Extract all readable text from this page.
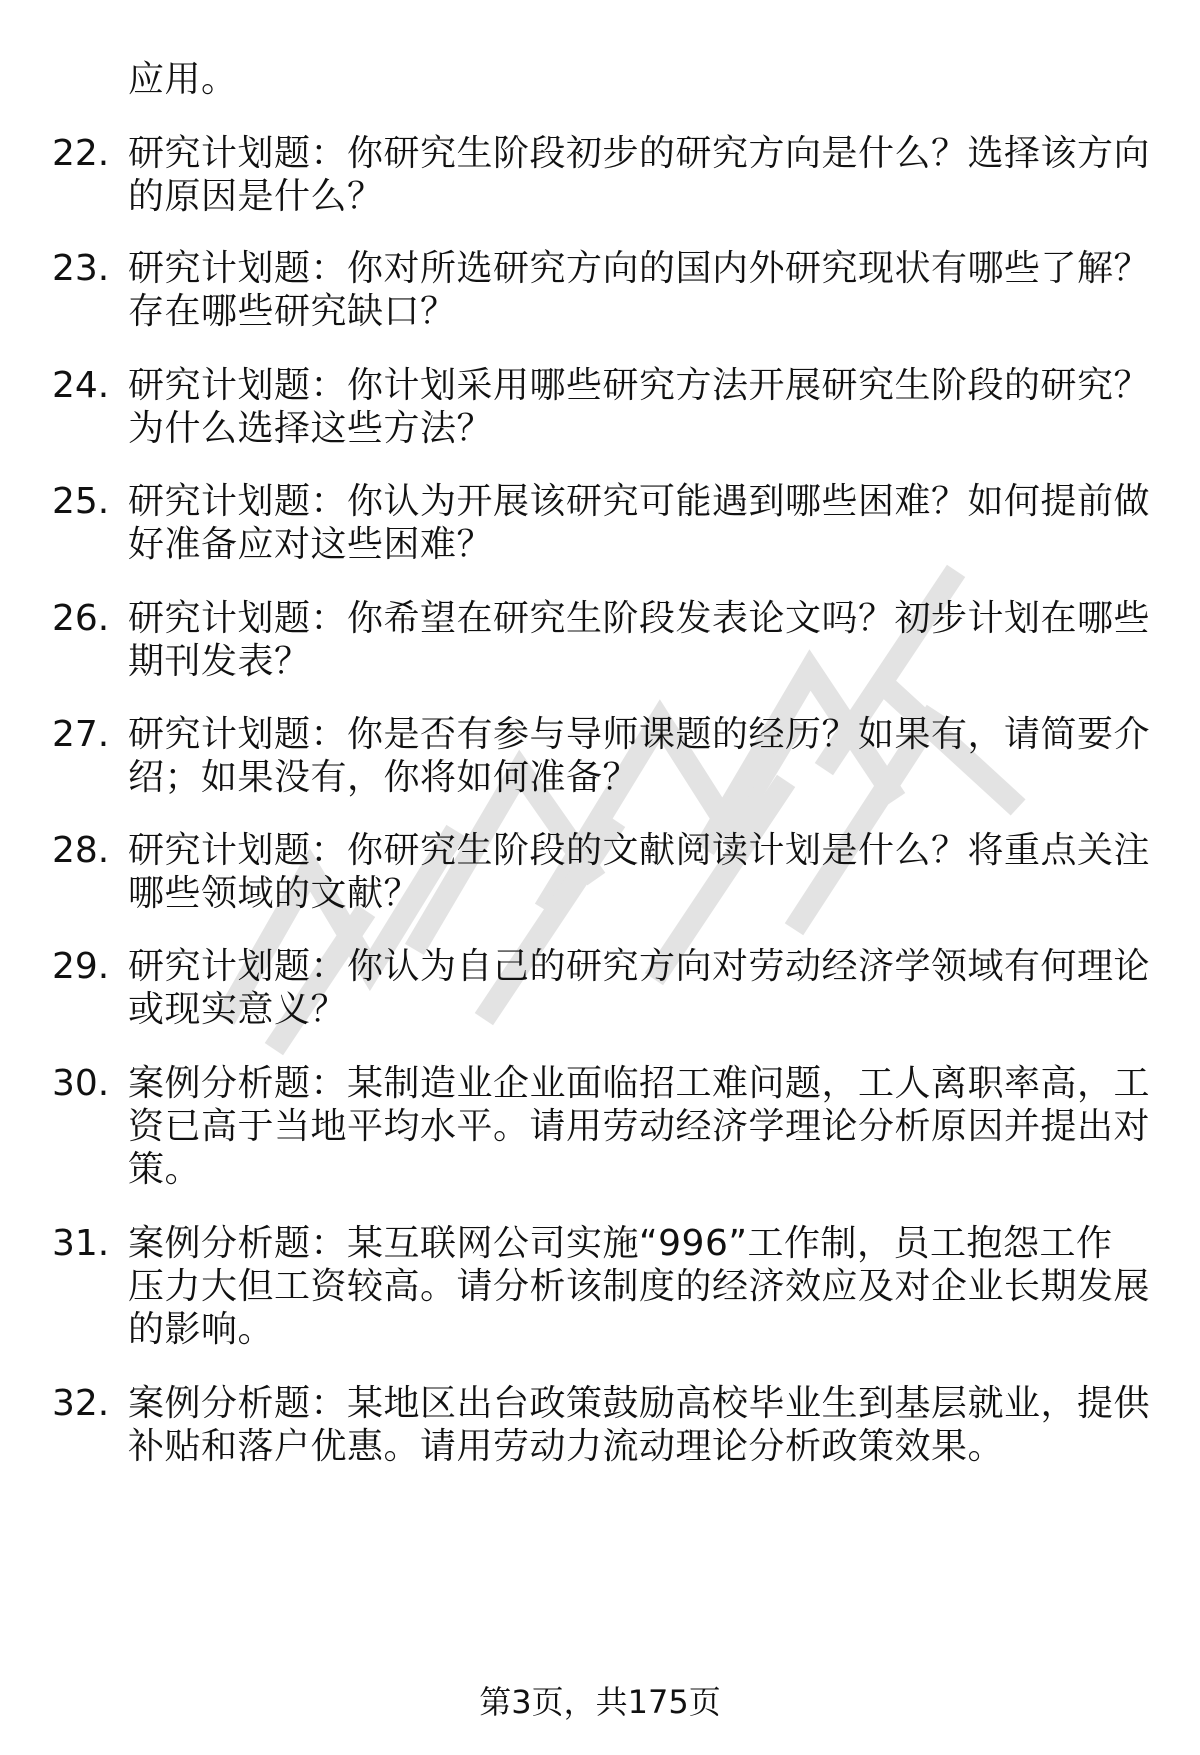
应用。
22. 研究计划题：你研究生阶段初步的研究方向是什么？选择该方向
的原因是什么？
23. 研究计划题：你对所选研究方向的国内外研究现状有哪些了解？
存在哪些研究缺口？
24. 研究计划题：你计划采用哪些研究方法开展研究生阶段的研究？
为什么选择这些方法？
25. 研究计划题：你认为开展该研究可能遇到哪些困难？如何提前做
好准备应对这些困难？
26. 研究计划题：你希望在研究生阶段发表论文吗？初步计划在哪些
期刊发表？
27. 研究计划题：你是否有参与导师课题的经历？如果有，请简要介
绍；如果没有，你将如何准备？
28. 研究计划题：你研究生阶段的文献阅读计划是什么？将重点关注
哪些领域的文献？
29. 研究计划题：你认为自己的研究方向对劳动经济学领域有何理论
或现实意义？
30. 案例分析题：某制造业企业面临招工难问题，工人离职率高，工
资已高于当地平均水平。请用劳动经济学理论分析原因并提出对
策。
31. 案例分析题：某互联网公司实施“996”工作制，员工抱怨工作
压力大但工资较高。请分析该制度的经济效应及对企业长期发展
的影响。
32. 案例分析题：某地区出台政策鼓励高校毕业生到基层就业，提供
补贴和落户优惠。请用劳动力流动理论分析政策效果。
第3页，共175页
